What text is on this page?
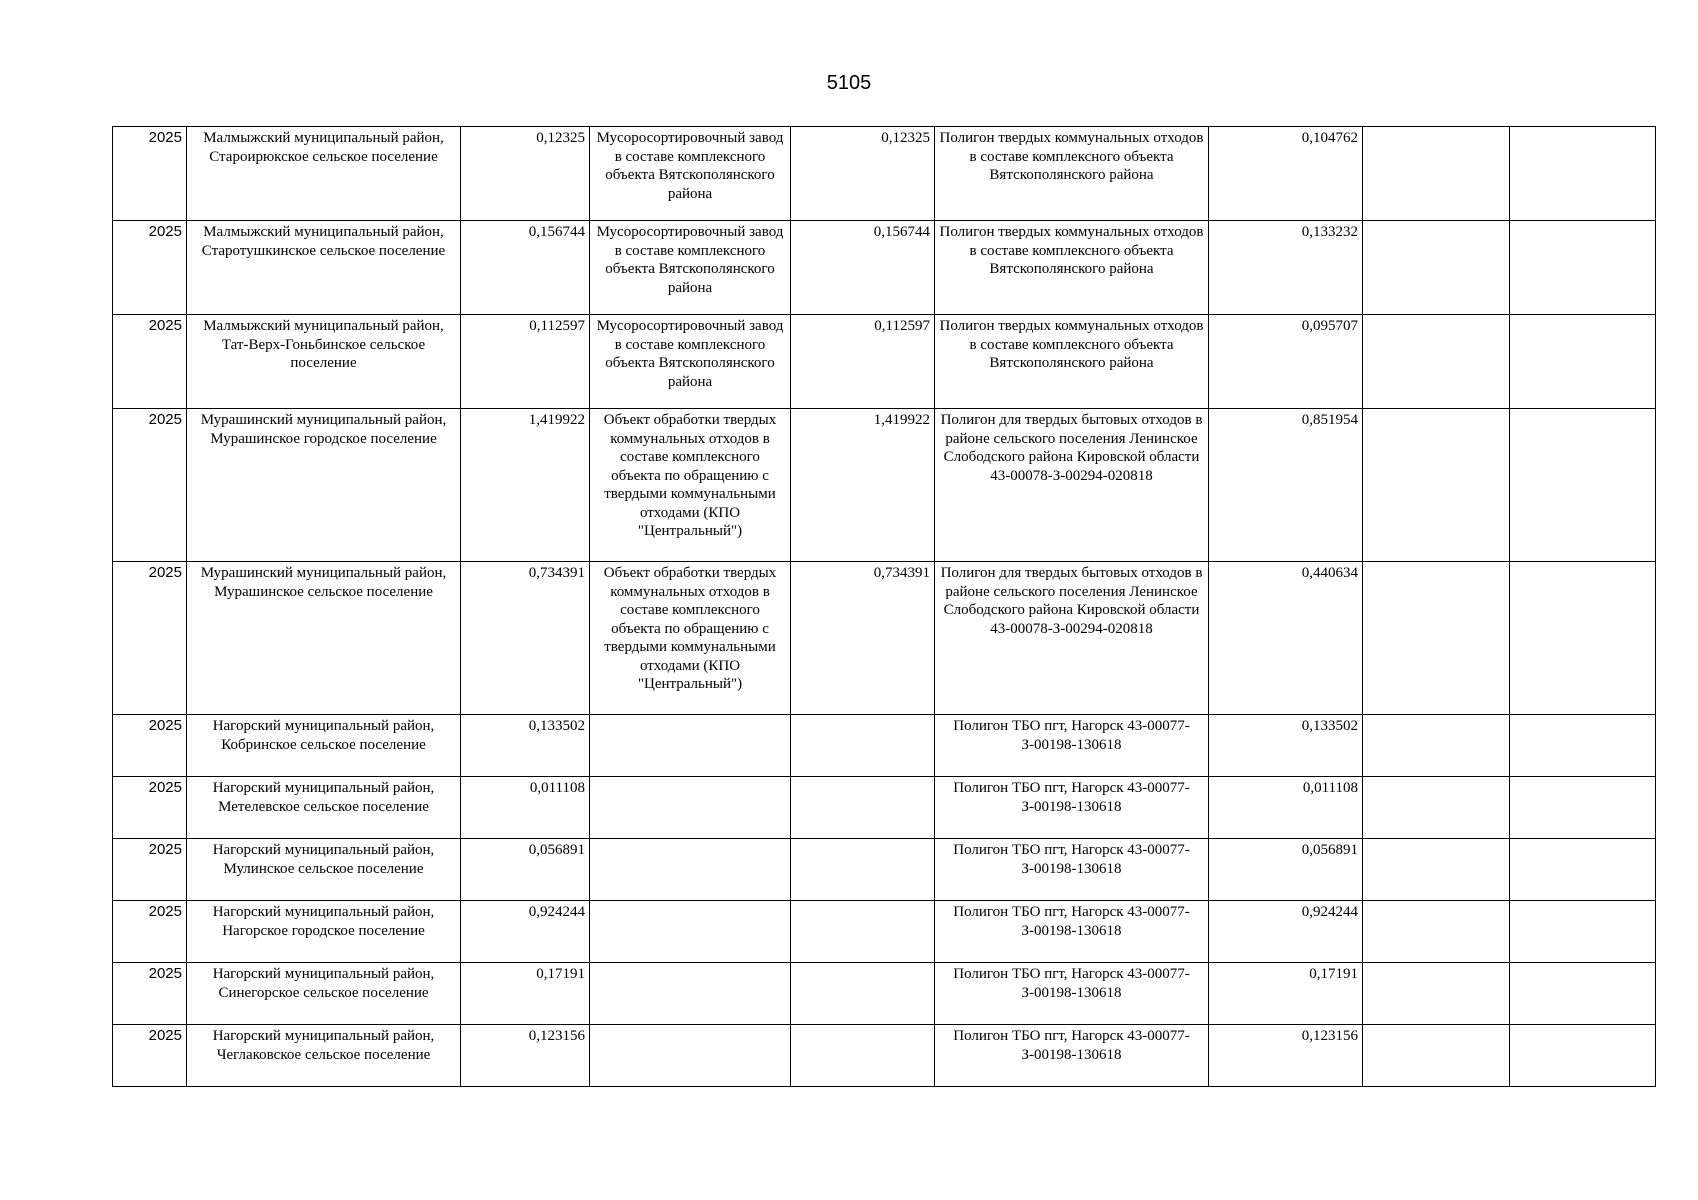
5105
2025	Малмыжский муниципальный район, Староирюкское сельское поселение	0,12325	Мусоросортировочный завод в составе комплексного объекта Вятскополянского района	0,12325	Полигон твердых коммунальных отходов в составе комплексного объекта Вятскополянского района	0,104762		
2025	Малмыжский муниципальный район, Старотушкинское сельское поселение	0,156744	Мусоросортировочный завод в составе комплексного объекта Вятскополянского района	0,156744	Полигон твердых коммунальных отходов в составе комплексного объекта Вятскополянского района	0,133232		
2025	Малмыжский муниципальный район, Тат-Верх-Гоньбинское сельское поселение	0,112597	Мусоросортировочный завод в составе комплексного объекта Вятскополянского района	0,112597	Полигон твердых коммунальных отходов в составе комплексного объекта Вятскополянского района	0,095707		
2025	Мурашинский муниципальный район, Мурашинское городское поселение	1,419922	Объект обработки твердых коммунальных отходов в составе комплексного объекта по обращению с твердыми коммунальными отходами (КПО "Центральный")	1,419922	Полигон для твердых бытовых отходов в районе сельского поселения Ленинское Слободского района Кировской области 43-00078-З-00294-020818	0,851954		
2025	Мурашинский муниципальный район, Мурашинское сельское поселение	0,734391	Объект обработки твердых коммунальных отходов в составе комплексного объекта по обращению с твердыми коммунальными отходами (КПО "Центральный")	0,734391	Полигон для твердых бытовых отходов в районе сельского поселения Ленинское Слободского района Кировской области 43-00078-З-00294-020818	0,440634		
2025	Нагорский муниципальный район, Кобринское сельское поселение	0,133502			Полигон ТБО пгт, Нагорск 43-00077-З-00198-130618	0,133502		
2025	Нагорский муниципальный район, Метелевское сельское поселение	0,011108			Полигон ТБО пгт, Нагорск 43-00077-З-00198-130618	0,011108		
2025	Нагорский муниципальный район, Мулинское сельское поселение	0,056891			Полигон ТБО пгт, Нагорск 43-00077-З-00198-130618	0,056891		
2025	Нагорский муниципальный район, Нагорское городское поселение	0,924244			Полигон ТБО пгт, Нагорск 43-00077-З-00198-130618	0,924244		
2025	Нагорский муниципальный район, Синегорское сельское поселение	0,17191			Полигон ТБО пгт, Нагорск 43-00077-З-00198-130618	0,17191		
2025	Нагорский муниципальный район, Чеглаковское сельское поселение	0,123156			Полигон ТБО пгт, Нагорск 43-00077-З-00198-130618	0,123156		
